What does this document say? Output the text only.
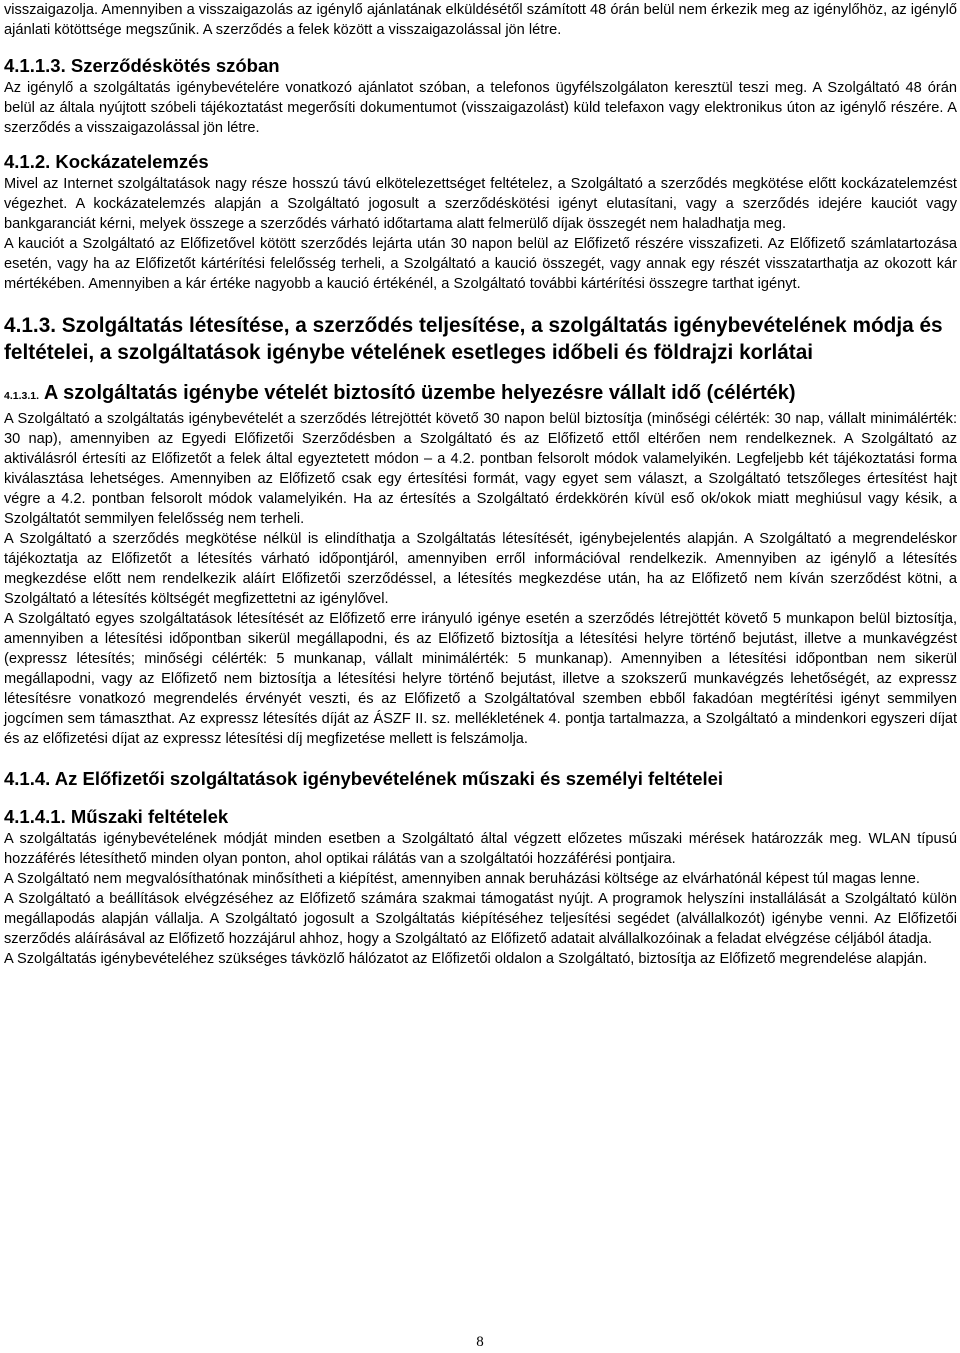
visszaigazolja. Amennyiben a visszaigazolás az igénylő ajánlatának elküldésétől számított 48 órán belül nem érkezik meg az igénylőhöz, az igénylő ajánlati kötöttsége megszűnik. A szerződés a felek között a visszaigazolással jön létre.

4.1.1.3. Szerződéskötés szóban

Az igénylő a szolgáltatás igénybevételére vonatkozó ajánlatot szóban, a telefonos ügyfélszolgálaton keresztül teszi meg. A Szolgáltató 48 órán belül az általa nyújtott szóbeli tájékoztatást megerősíti dokumentumot (visszaigazolást) küld telefaxon vagy elektronikus úton az igénylő részére. A szerződés a visszaigazolással jön létre.

4.1.2. Kockázatelemzés

Mivel az Internet szolgáltatások nagy része hosszú távú elkötelezettséget feltételez, a Szolgáltató a szerződés megkötése előtt kockázatelemzést végezhet. A kockázatelemzés alapján a Szolgáltató jogosult a szerződéskötési igényt elutasítani, vagy a szerződés idejére kauciót vagy bankgaranciát kérni, melyek összege a szerződés várható időtartama alatt felmerülő díjak összegét nem haladhatja meg.

A kauciót a Szolgáltató az Előfizetővel kötött szerződés lejárta után 30 napon belül az Előfizető részére visszafizeti. Az Előfizető számlatartozása esetén, vagy ha az Előfizetőt kártérítési felelősség terheli, a Szolgáltató a kaució összegét, vagy annak egy részét visszatarthatja az okozott kár mértékében. Amennyiben a kár értéke nagyobb a kaució értékénél, a Szolgáltató további kártérítési összegre tarthat igényt.

4.1.3. Szolgáltatás létesítése, a szerződés teljesítése, a szolgáltatás igénybevételének módja és feltételei, a szolgáltatások igénybe vételének esetleges időbeli és földrajzi korlátai
4.1.3.1. A szolgáltatás igénybe vételét biztosító üzembe helyezésre vállalt idő (célérték)

A Szolgáltató a szolgáltatás igénybevételét a szerződés létrejöttét követő 30 napon belül biztosítja (minőségi célérték: 30 nap, vállalt minimálérték: 30 nap), amennyiben az Egyedi Előfizetői Szerződésben a Szolgáltató és az Előfizető ettől eltérően nem rendelkeznek. A Szolgáltató az aktiválásról értesíti az Előfizetőt a felek által egyeztetett módon – a 4.2. pontban felsorolt módok valamelyikén. Legfeljebb két tájékoztatási forma kiválasztása lehetséges. Amennyiben az Előfizető csak egy értesítési formát, vagy egyet sem választ, a Szolgáltató tetszőleges értesítést hajt végre a 4.2. pontban felsorolt módok valamelyikén. Ha az értesítés a Szolgáltató érdekkörén kívül eső ok/okok miatt meghiúsul vagy késik, a Szolgáltatót semmilyen felelősség nem terheli.

A Szolgáltató a szerződés megkötése nélkül is elindíthatja a Szolgáltatás létesítését, igénybejelentés alapján. A Szolgáltató a megrendeléskor tájékoztatja az Előfizetőt a létesítés várható időpontjáról, amennyiben erről információval rendelkezik. Amennyiben az igénylő a létesítés megkezdése előtt nem rendelkezik aláírt Előfizetői szerződéssel, a létesítés megkezdése után, ha az Előfizető nem kíván szerződést kötni, a Szolgáltató a létesítés költségét megfizettetni az igénylővel.

A Szolgáltató egyes szolgáltatások létesítését az Előfizető erre irányuló igénye esetén a szerződés létrejöttét követő 5 munkapon belül biztosítja, amennyiben a létesítési időpontban sikerül megállapodni, és az Előfizető biztosítja a létesítési helyre történő bejutást, illetve a munkavégzést (expressz létesítés; minőségi célérték: 5 munkanap, vállalt minimálérték: 5 munkanap). Amennyiben a létesítési időpontban nem sikerül megállapodni, vagy az Előfizető nem biztosítja a létesítési helyre történő bejutást, illetve a szokszerű munkavégzés lehetőségét, az expressz létesítésre vonatkozó megrendelés érvényét veszti, és az Előfizető a Szolgáltatóval szemben ebből fakadóan megtérítési igényt semmilyen jogcímen sem támaszthat. Az expressz létesítés díját az ÁSZF II. sz. mellékletének 4. pontja tartalmazza, a Szolgáltató a mindenkori egyszeri díjat és az előfizetési díjat az expressz létesítési díj megfizetése mellett is felszámolja.

4.1.4. Az Előfizetői szolgáltatások igénybevételének műszaki és személyi feltételei
4.1.4.1. Műszaki feltételek

A szolgáltatás igénybevételének módját minden esetben a Szolgáltató által végzett előzetes műszaki mérések határozzák meg. WLAN típusú hozzáférés létesíthető minden olyan ponton, ahol optikai rálátás van a szolgáltatói hozzáférési pontjaira.

A Szolgáltató nem megvalósíthatónak minősítheti a kiépítést, amennyiben annak beruházási költsége az elvárhatónál képest túl magas lenne.

A Szolgáltató a beállítások elvégzéséhez az Előfizető számára szakmai támogatást nyújt. A programok helyszíni installálását a Szolgáltató külön megállapodás alapján vállalja. A Szolgáltató jogosult a Szolgáltatás kiépítéséhez teljesítési segédet (alvállalkozót) igénybe venni. Az Előfizetői szerződés aláírásával az Előfizető hozzájárul ahhoz, hogy a Szolgáltató az Előfizető adatait alvállalkozóinak a feladat elvégzése céljából átadja.

A Szolgáltatás igénybevételéhez szükséges távközlő hálózatot az Előfizetői oldalon a Szolgáltató, biztosítja az Előfizető megrendelése alapján.

8
